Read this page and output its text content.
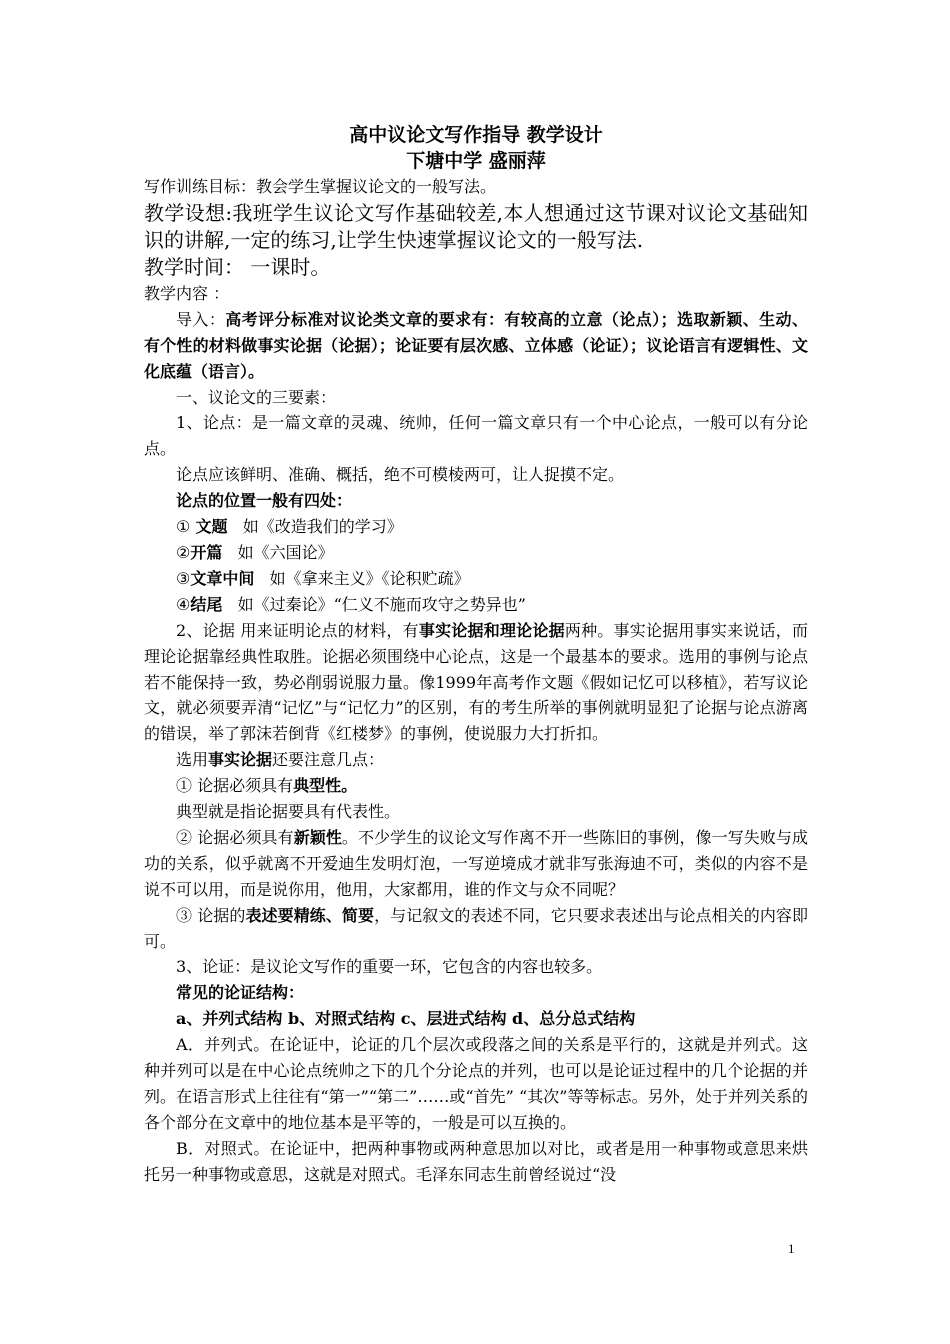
高中议论文写作指导 教学设计

下塘中学 盛丽萍

写作训练目标：教会学生掌握议论文的一般写法。

教学设想:我班学生议论文写作基础较差,本人想通过这节课对议论文基础知识的讲解,一定的练习,让学生快速掌握议论文的一般写法.

教学时间： 一课时。

教学内容 ：

导入：高考评分标准对议论类文章的要求有：有较高的立意（论点）；选取新颖、生动、有个性的材料做事实论据（论据）；论证要有层次感、立体感（论证）；议论语言有逻辑性、文化底蕴（语言）。

一、议论文的三要素：

1、论点：是一篇文章的灵魂、统帅，任何一篇文章只有一个中心论点，一般可以有分论点。

论点应该鲜明、准确、概括，绝不可模棱两可，让人捉摸不定。

论点的位置一般有四处：

① 文题 如《改造我们的学习》

②开篇 如《六国论》

③文章中间 如《拿来主义》《论积贮疏》

④结尾 如《过秦论》“仁义不施而攻守之势异也”

2、论据 用来证明论点的材料，有事实论据和理论论据两种。事实论据用事实来说话，而理论论据靠经典性取胜。论据必须围绕中心论点，这是一个最基本的要求。选用的事例与论点若不能保持一致，势必削弱说服力量。像1999年高考作文题《假如记忆可以移植》，若写议论文，就必须要弄清“记忆”与“记忆力”的区别，有的考生所举的事例就明显犯了论据与论点游离的错误，举了郭沫若倒背《红楼梦》的事例，使说服力大打折扣。

选用事实论据还要注意几点：

① 论据必须具有典型性。

典型就是指论据要具有代表性。

② 论据必须具有新颖性。不少学生的议论文写作离不开一些陈旧的事例，像一写失败与成功的关系，似乎就离不开爱迪生发明灯泡，一写逆境成才就非写张海迪不可，类似的内容不是说不可以用，而是说你用，他用，大家都用，谁的作文与众不同呢？

③ 论据的表述要精练、简要，与记叙文的表述不同，它只要求表述出与论点相关的内容即可。

3、论证：是议论文写作的重要一环，它包含的内容也较多。

常见的论证结构：

a、并列式结构 b、对照式结构 c、层进式结构 d、总分总式结构

A．并列式。在论证中，论证的几个层次或段落之间的关系是平行的，这就是并列式。这种并列可以是在中心论点统帅之下的几个分论点的并列，也可以是论证过程中的几个论据的并列。在语言形式上往往有“第一”“第二”……或“首先” “其次”等等标志。另外，处于并列关系的各个部分在文章中的地位基本是平等的，一般是可以互换的。

B．对照式。在论证中，把两种事物或两种意思加以对比，或者是用一种事物或意思来烘托另一种事物或意思，这就是对照式。毛泽东同志生前曾经说过“没

1
